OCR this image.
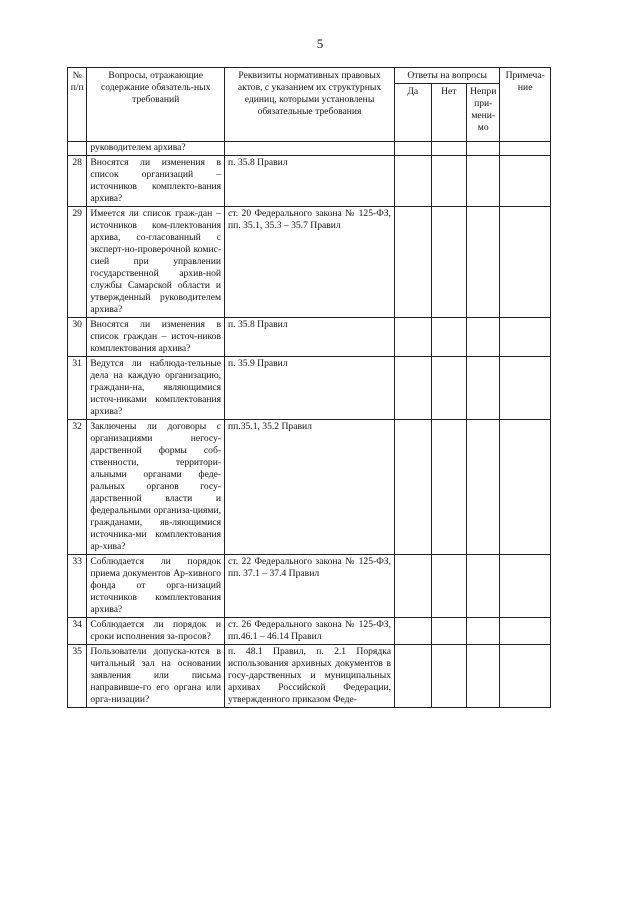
5
№ п/п	Вопросы, отражающие содержание обязатель-ных требований	Реквизиты нормативных правовых актов, с указанием их структурных единиц, которыми установлены обязательные требования	Ответы на вопросы			Примеча-ние
			Да	Нет	Непри при-мени-мо	
	руководителем архива?					
28	Вносятся ли изменения в список организаций – источников комплекто-вания архива?	п. 35.8 Правил				
29	Имеется ли список граж-дан – источников ком-плектования архива, со-гласованный с эксперт-но-проверочной комис-сией при управлении государственной архив-ной службы Самарской области и утвержденный руководителем архива?	ст. 20 Федерального закона № 125-ФЗ, пп. 35.1, 35.3 – 35.7 Правил				
30	Вносятся ли изменения в список граждан – источ-ников комплектования архива?	п. 35.8 Правил				
31	Ведутся ли наблюда-тельные дела на каждую организацию, граждани-на, являющимися источ-никами комплектования архива?	п. 35.9 Правил				
32	Заключены ли договоры с организациями негосу-дарственной формы соб-ственности, территори-альными органами феде-ральных органов госу-дарственной власти и федеральными организа-циями, гражданами, яв-ляющимися источника-ми комплектования ар-хива?	пп.35.1, 35.2 Правил				
33	Соблюдается ли порядок приема документов Ар-хивного фонда от орга-низаций источников комплектования архива?	ст. 22 Федерального закона № 125-ФЗ, пп. 37.1 – 37.4 Правил				
34	Соблюдается ли порядок и сроки исполнения за-просов?	ст. 26 Федерального закона № 125-ФЗ, пп.46.1 – 46.14 Правил				
35	Пользователи допуска-ются в читальный зал на основании заявления или письма направивше-го его органа или орга-низации?	п. 48.1 Правил, п. 2.1 Порядка использования архивных документов в госу-дарственных и муниципальных архивах Российской Федерации, утвержденного приказом Феде-				
